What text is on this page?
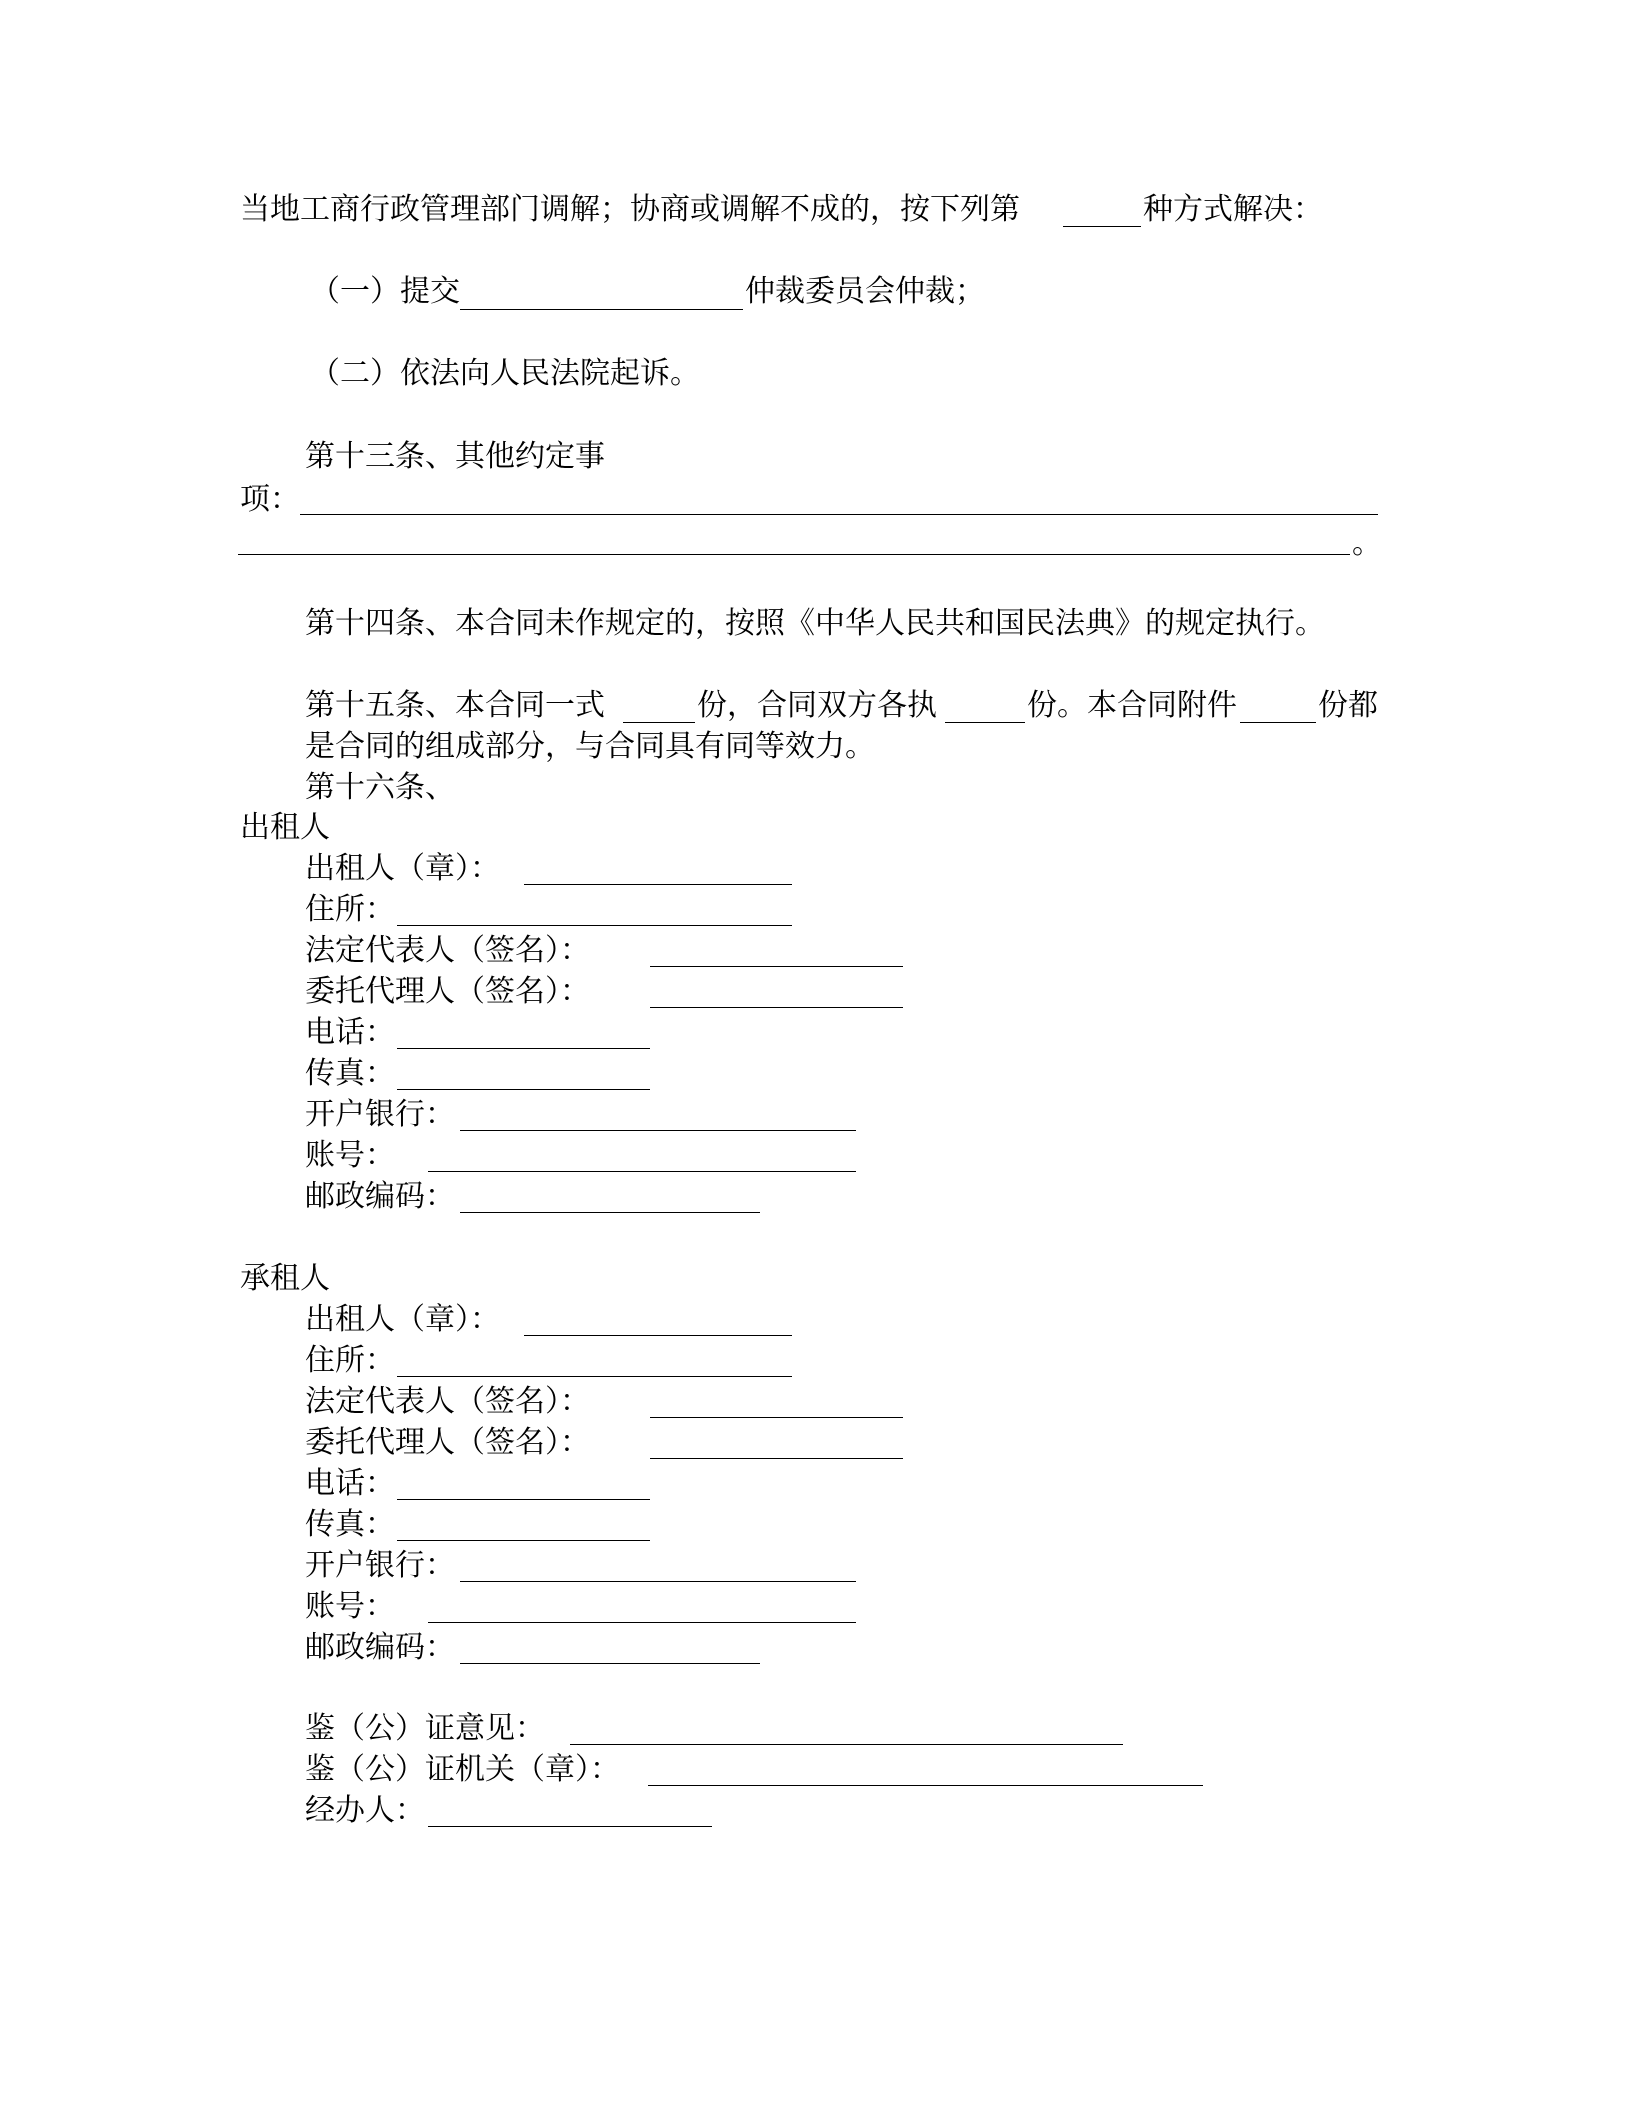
当地工商行政管理部门调解；协商或调解不成的，按下列第	种方式解决：
（一）提交	仲裁委员会仲裁；
（二）依法向人民法院起诉。
第十三条、其他约定事
项：
。
第十四条、本合同未作规定的，按照《中华人民共和国民法典》的规定执行。
第十五条、本合同一式	份，合同双方各执	份。本合同附件	份都
是合同的组成部分，与合同具有同等效力。
第十六条、
出租人
出租人（章）：
住所：
法定代表人（签名）：
委托代理人（签名）：
电话：
传真：
开户银行：
账号：
邮政编码：
承租人
出租人（章）：
住所：
法定代表人（签名）：
委托代理人（签名）：
电话：
传真：
开户银行：
账号：
邮政编码：
鉴（公）证意见：
鉴（公）证机关（章）：
经办人：
